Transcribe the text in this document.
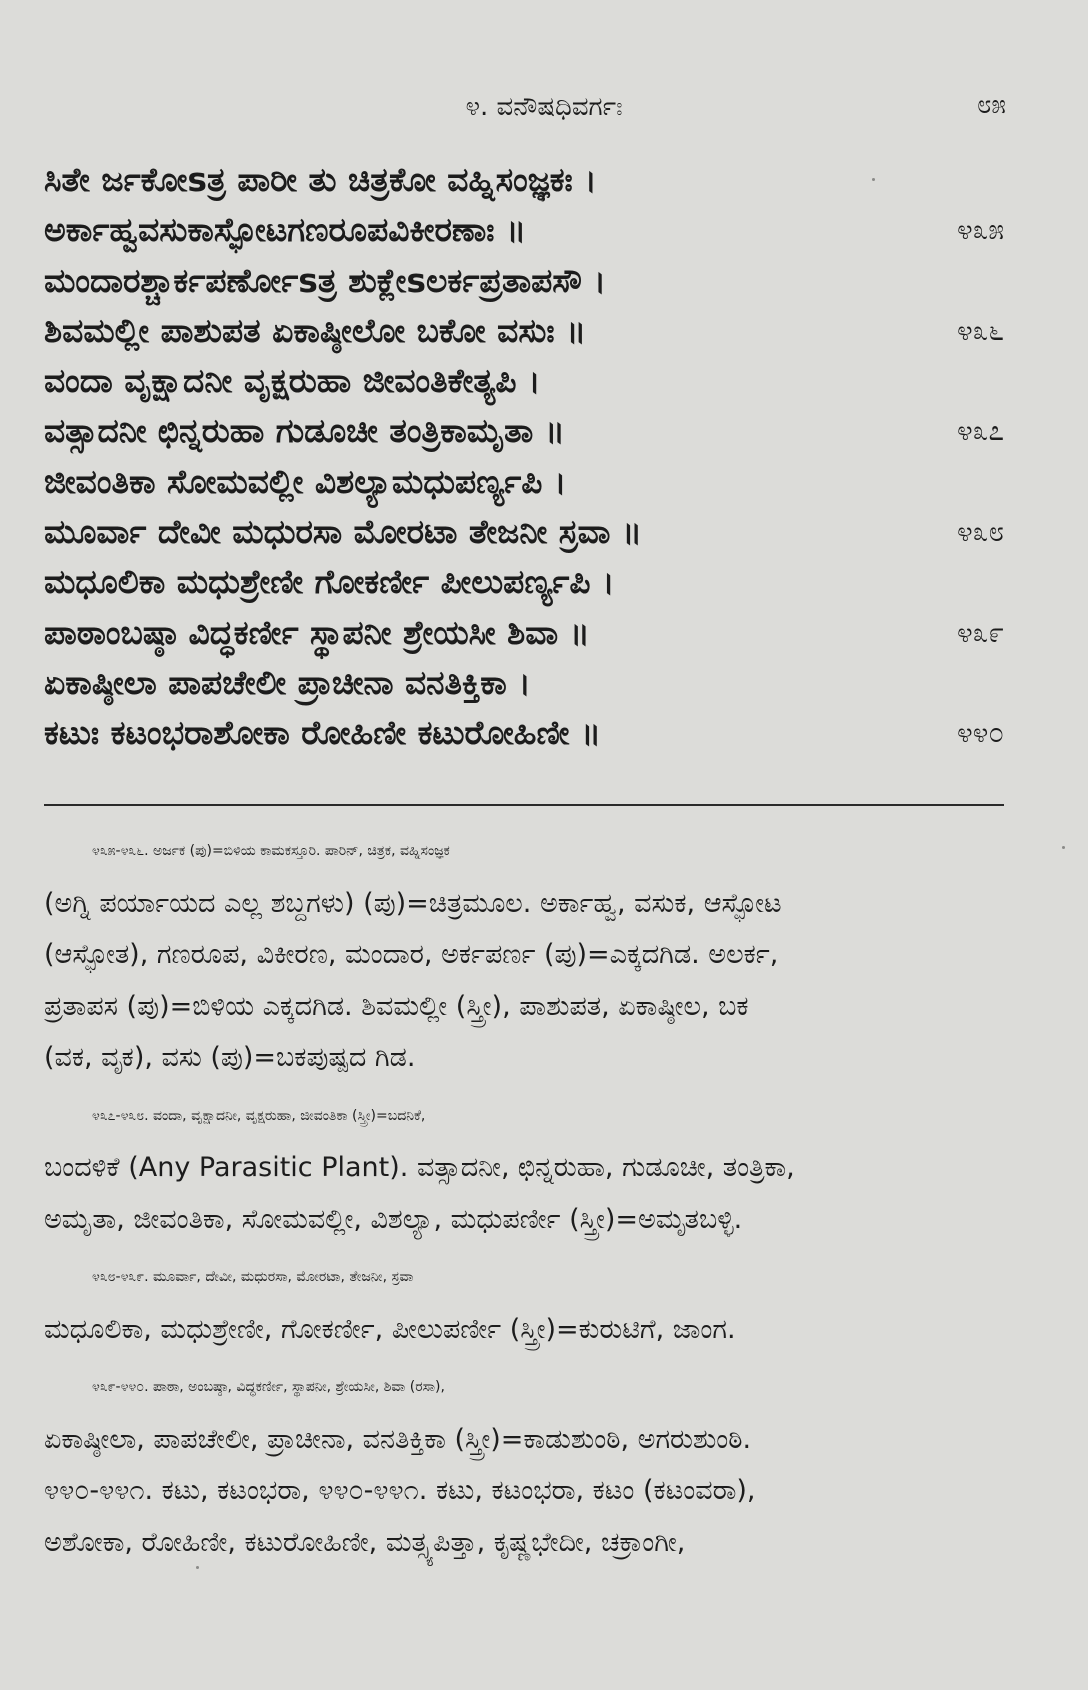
೪. ವನೌಷಧಿವರ್ಗಃ	೮೫
ಸಿತೇ ರ್ಜಕೋsತ್ರ ಪಾರೀ ತು ಚಿತ್ರಕೋ ವಹ್ನಿಸಂಜ್ಞಕಃ ।
ಅರ್ಕಾಹ್ವವಸುಕಾಸ್ಫೋಟಗಣರೂಪವಿಕೀರಣಾಃ ॥	೪೩೫
ಮಂದಾರಶ್ಚಾರ್ಕಪರ್ಣೋsತ್ರ ಶುಕ್ಲೇsಲರ್ಕಪ್ರತಾಪಸೌ ।
ಶಿವಮಲ್ಲೀ ಪಾಶುಪತ ಏಕಾಷ್ಠೀಲೋ ಬಕೋ ವಸುಃ ॥	೪೩೬
ವಂದಾ ವೃಕ್ಷಾದನೀ ವೃಕ್ಷರುಹಾ ಜೀವಂತಿಕೇತ್ಯಪಿ ।
ವತ್ಸಾದನೀ ಛಿನ್ನರುಹಾ ಗುಡೂಚೀ ತಂತ್ರಿಕಾಮೃತಾ ॥	೪೩೭
ಜೀವಂತಿಕಾ ಸೋಮವಲ್ಲೀ ವಿಶಲ್ಯಾಮಧುಪರ್ಣ್ಯಪಿ ।
ಮೂರ್ವಾ ದೇವೀ ಮಧುರಸಾ ಮೋರಟಾ ತೇಜನೀ ಸ್ರವಾ ॥	೪೩೮
ಮಧೂಲಿಕಾ ಮಧುಶ್ರೇಣೀ ಗೋಕರ್ಣೀ ಪೀಲುಪರ್ಣ್ಯಪಿ ।
ಪಾಠಾಂಬಷ್ಠಾ ವಿದ್ಧಕರ್ಣೀ ಸ್ಥಾಪನೀ ಶ್ರೇಯಸೀ ಶಿವಾ ॥	೪೩೯
ಏಕಾಷ್ಠೀಲಾ ಪಾಪಚೇಲೀ ಪ್ರಾಚೀನಾ ವನತಿಕ್ತಿಕಾ ।
ಕಟುಃ ಕಟಂಭರಾಶೋಕಾ ರೋಹಿಣೀ ಕಟುರೋಹಿಣೀ ॥	೪೪೦
೪೩೫-೪೩೬. ಅರ್ಜಕ (ಪು)=ಬಿಳಿಯ ಕಾಮಕಸ್ತೂರಿ. ಪಾರಿನ್, ಚಿತ್ರಕ, ವಹ್ನಿಸಂಜ್ಞಕ
(ಅಗ್ನಿ ಪರ್ಯಾಯದ ಎಲ್ಲ ಶಬ್ದಗಳು) (ಪು)=ಚಿತ್ರಮೂಲ. ಅರ್ಕಾಹ್ವ, ವಸುಕ, ಆಸ್ಫೋಟ
(ಆಸ್ಫೋತ), ಗಣರೂಪ, ವಿಕೀರಣ, ಮಂದಾರ, ಅರ್ಕಪರ್ಣ (ಪು)=ಎಕ್ಕದಗಿಡ. ಅಲರ್ಕ,
ಪ್ರತಾಪಸ (ಪು)=ಬಿಳಿಯ ಎಕ್ಕದಗಿಡ. ಶಿವಮಲ್ಲೀ (ಸ್ತ್ರೀ), ಪಾಶುಪತ, ಏಕಾಷ್ಠೀಲ, ಬಕ
(ವಕ, ವೃಕ), ವಸು (ಪು)=ಬಕಪುಷ್ಪದ ಗಿಡ.
೪೩೭-೪೩೮. ವಂದಾ, ವೃಕ್ಷಾದನೀ, ವೃಕ್ಷರುಹಾ, ಜೀವಂತಿಕಾ (ಸ್ತ್ರೀ)=ಬದನಿಕೆ,
ಬಂದಳಿಕೆ (Any Parasitic Plant). ವತ್ಸಾದನೀ, ಛಿನ್ನರುಹಾ, ಗುಡೂಚೀ, ತಂತ್ರಿಕಾ,
ಅಮೃತಾ, ಜೀವಂತಿಕಾ, ಸೋಮವಲ್ಲೀ, ವಿಶಲ್ಯಾ, ಮಧುಪರ್ಣೀ (ಸ್ತ್ರೀ)=ಅಮೃತಬಳ್ಳಿ.
೪೩೮-೪೩೯. ಮೂರ್ವಾ, ದೇವೀ, ಮಧುರಸಾ, ಮೋರಟಾ, ತೇಜನೀ, ಸ್ರವಾ
ಮಧೂಲಿಕಾ, ಮಧುಶ್ರೇಣೀ, ಗೋಕರ್ಣೀ, ಪೀಲುಪರ್ಣೀ (ಸ್ತ್ರೀ)=ಕುರುಟಿಗೆ, ಜಾಂಗ.
೪೩೯-೪೪೦. ಪಾಠಾ, ಅಂಬಷ್ಠಾ, ವಿದ್ಧಕರ್ಣೀ, ಸ್ಥಾಪನೀ, ಶ್ರೇಯಸೀ, ಶಿವಾ (ರಸಾ),
ಏಕಾಷ್ಠೀಲಾ, ಪಾಪಚೇಲೀ, ಪ್ರಾಚೀನಾ, ವನತಿಕ್ತಿಕಾ (ಸ್ತ್ರೀ)=ಕಾಡುಶುಂಠಿ, ಅಗರುಶುಂಠಿ.
೪೪೦-೪೪೧. ಕಟು, ಕಟಂಭರಾ, ೪೪೦-೪೪೧. ಕಟು, ಕಟಂಭರಾ, ಕಟಂ (ಕಟಂವರಾ),
ಅಶೋಕಾ, ರೋಹಿಣೀ, ಕಟುರೋಹಿಣೀ, ಮತ್ಸ್ಯಪಿತ್ತಾ, ಕೃಷ್ಣಭೇದೀ, ಚಕ್ರಾಂಗೀ,
